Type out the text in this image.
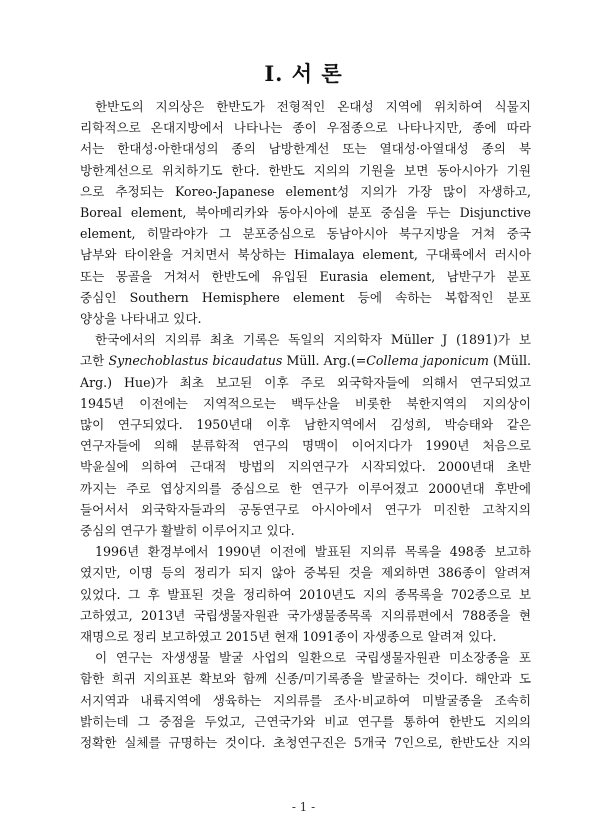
I. 서 론

한반도의 지의상은 한반도가 전형적인 온대성 지역에 위치하여 식물지
리학적으로 온대지방에서 나타나는 종이 우점종으로 나타나지만, 종에 따라
서는 한대성·아한대성의 종의 남방한계선 또는 열대성·아열대성 종의 북
방한계선으로 위치하기도 한다. 한반도 지의의 기원을 보면 동아시아가 기원
으로 추정되는 Koreo-Japanese element성 지의가 가장 많이 자생하고,
Boreal element, 북아메리카와 동아시아에 분포 중심을 두는 Disjunctive
element, 히말라야가 그 분포중심으로 동남아시아 북구지방을 거쳐 중국
남부와 타이완을 거치면서 북상하는 Himalaya element, 구대륙에서 러시아
또는 몽골을 거쳐서 한반도에 유입된 Eurasia element, 남반구가 분포
중심인 Southern Hemisphere element 등에 속하는 복합적인 분포
양상을 나타내고 있다.

한국에서의 지의류 최초 기록은 독일의 지의학자 Müller J (1891)가 보
고한 Synechoblastus bicaudatus Müll. Arg.(=Collema japonicum (Müll.
Arg.) Hue)가 최초 보고된 이후 주로 외국학자들에 의해서 연구되었고
1945년 이전에는 지역적으로는 백두산을 비롯한 북한지역의 지의상이
많이 연구되었다. 1950년대 이후 남한지역에서 김성희, 박승태와 같은
연구자들에 의해 분류학적 연구의 명맥이 이어지다가 1990년 처음으로
박윤실에 의하여 근대적 방법의 지의연구가 시작되었다. 2000년대 초반
까지는 주로 엽상지의를 중심으로 한 연구가 이루어졌고 2000년대 후반에
들어서서 외국학자들과의 공동연구로 아시아에서 연구가 미진한 고착지의
중심의 연구가 활발히 이루어지고 있다.

1996년 환경부에서 1990년 이전에 발표된 지의류 목록을 498종 보고하
였지만, 이명 등의 정리가 되지 않아 중복된 것을 제외하면 386종이 알려져
있었다. 그 후 발표된 것을 정리하여 2010년도 지의 종목록을 702종으로 보
고하였고, 2013년 국립생물자원관 국가생물종목록 지의류편에서 788종을 현
재명으로 정리 보고하였고 2015년 현재 1091종이 자생종으로 알려져 있다.

이 연구는 자생생물 발굴 사업의 일환으로 국립생물자원관 미소장종을 포
함한 희귀 지의표본 확보와 함께 신종/미기록종을 발굴하는 것이다. 해안과 도
서지역과 내륙지역에 생육하는 지의류를 조사·비교하여 미발굴종을 조속히
밝히는데 그 중점을 두었고, 근연국가와 비교 연구를 통하여 한반도 지의의
정확한 실체를 규명하는 것이다. 초청연구진은 5개국 7인으로, 한반도산 지의

- 1 -
